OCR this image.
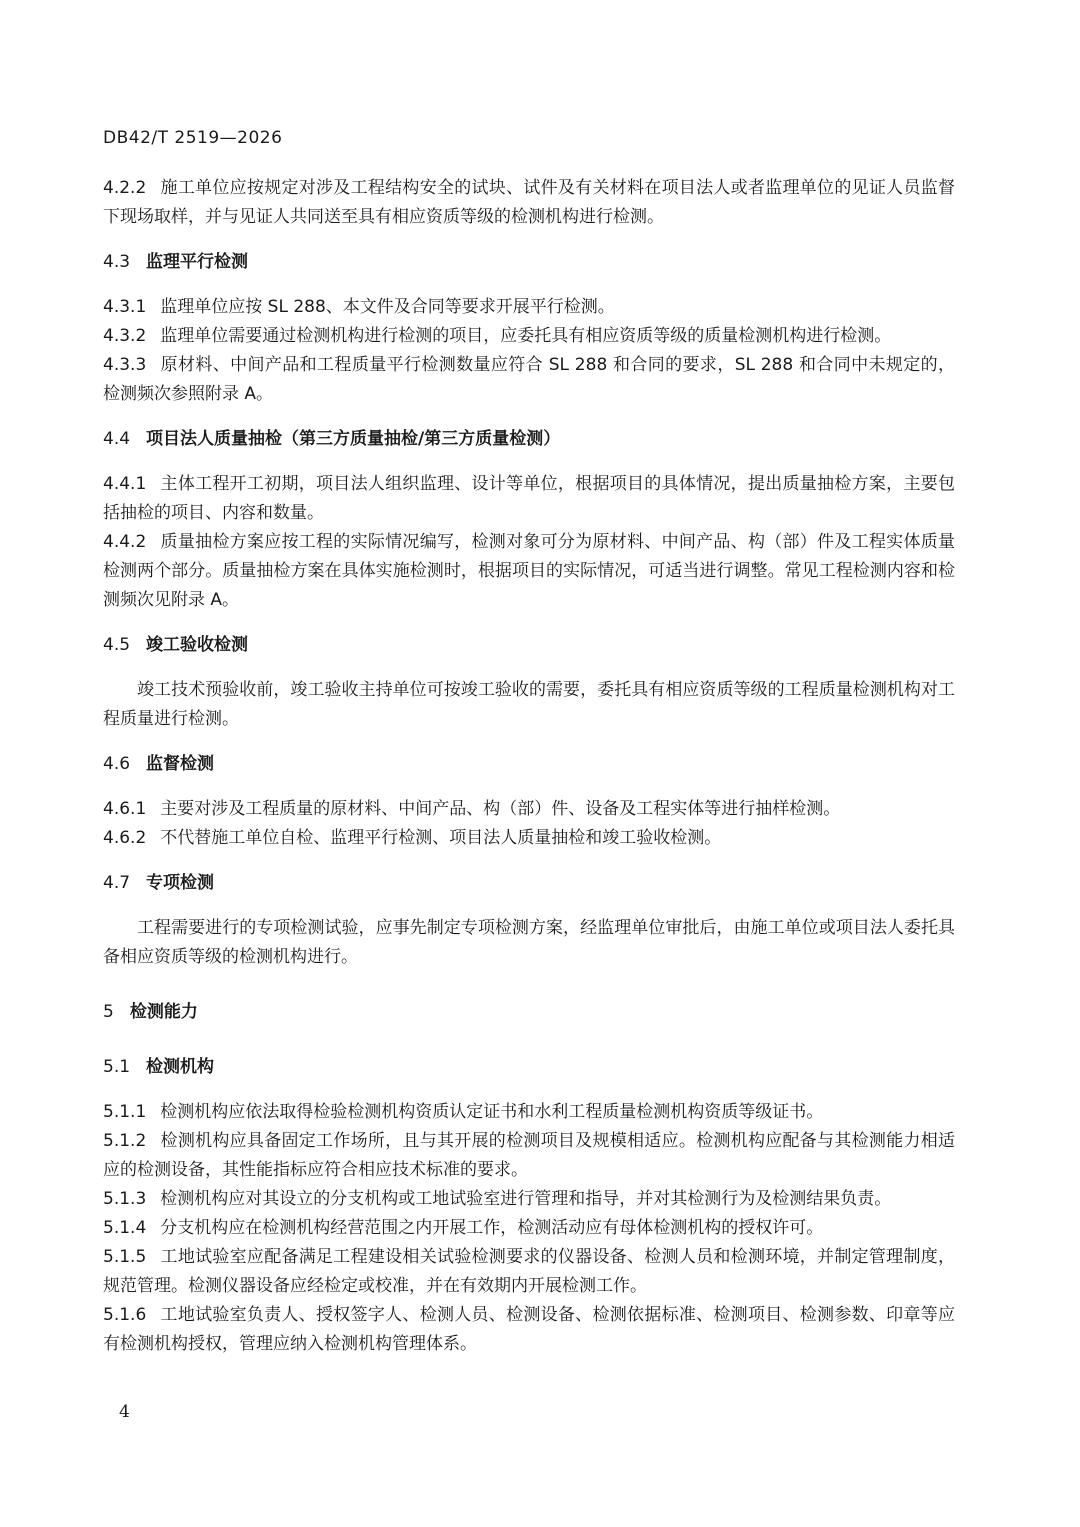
DB42/T 2519—2026

4.2.2 施工单位应按规定对涉及工程结构安全的试块、试件及有关材料在项目法人或者监理单位的见证人员监督下现场取样，并与见证人共同送至具有相应资质等级的检测机构进行检测。

4.3 监理平行检测

4.3.1 监理单位应按 SL 288、本文件及合同等要求开展平行检测。

4.3.2 监理单位需要通过检测机构进行检测的项目，应委托具有相应资质等级的质量检测机构进行检测。

4.3.3 原材料、中间产品和工程质量平行检测数量应符合 SL 288 和合同的要求，SL 288 和合同中未规定的，检测频次参照附录 A。

4.4 项目法人质量抽检（第三方质量抽检/第三方质量检测）

4.4.1 主体工程开工初期，项目法人组织监理、设计等单位，根据项目的具体情况，提出质量抽检方案，主要包括抽检的项目、内容和数量。

4.4.2 质量抽检方案应按工程的实际情况编写，检测对象可分为原材料、中间产品、构（部）件及工程实体质量检测两个部分。质量抽检方案在具体实施检测时，根据项目的实际情况，可适当进行调整。常见工程检测内容和检测频次见附录 A。

4.5 竣工验收检测

竣工技术预验收前，竣工验收主持单位可按竣工验收的需要，委托具有相应资质等级的工程质量检测机构对工程质量进行检测。

4.6 监督检测

4.6.1 主要对涉及工程质量的原材料、中间产品、构（部）件、设备及工程实体等进行抽样检测。

4.6.2 不代替施工单位自检、监理平行检测、项目法人质量抽检和竣工验收检测。

4.7 专项检测

工程需要进行的专项检测试验，应事先制定专项检测方案，经监理单位审批后，由施工单位或项目法人委托具备相应资质等级的检测机构进行。

5 检测能力

5.1 检测机构

5.1.1 检测机构应依法取得检验检测机构资质认定证书和水利工程质量检测机构资质等级证书。

5.1.2 检测机构应具备固定工作场所，且与其开展的检测项目及规模相适应。检测机构应配备与其检测能力相适应的检测设备，其性能指标应符合相应技术标准的要求。

5.1.3 检测机构应对其设立的分支机构或工地试验室进行管理和指导，并对其检测行为及检测结果负责。

5.1.4 分支机构应在检测机构经营范围之内开展工作，检测活动应有母体检测机构的授权许可。

5.1.5 工地试验室应配备满足工程建设相关试验检测要求的仪器设备、检测人员和检测环境，并制定管理制度，规范管理。检测仪器设备应经检定或校准，并在有效期内开展检测工作。

5.1.6 工地试验室负责人、授权签字人、检测人员、检测设备、检测依据标准、检测项目、检测参数、印章等应有检测机构授权，管理应纳入检测机构管理体系。

4
